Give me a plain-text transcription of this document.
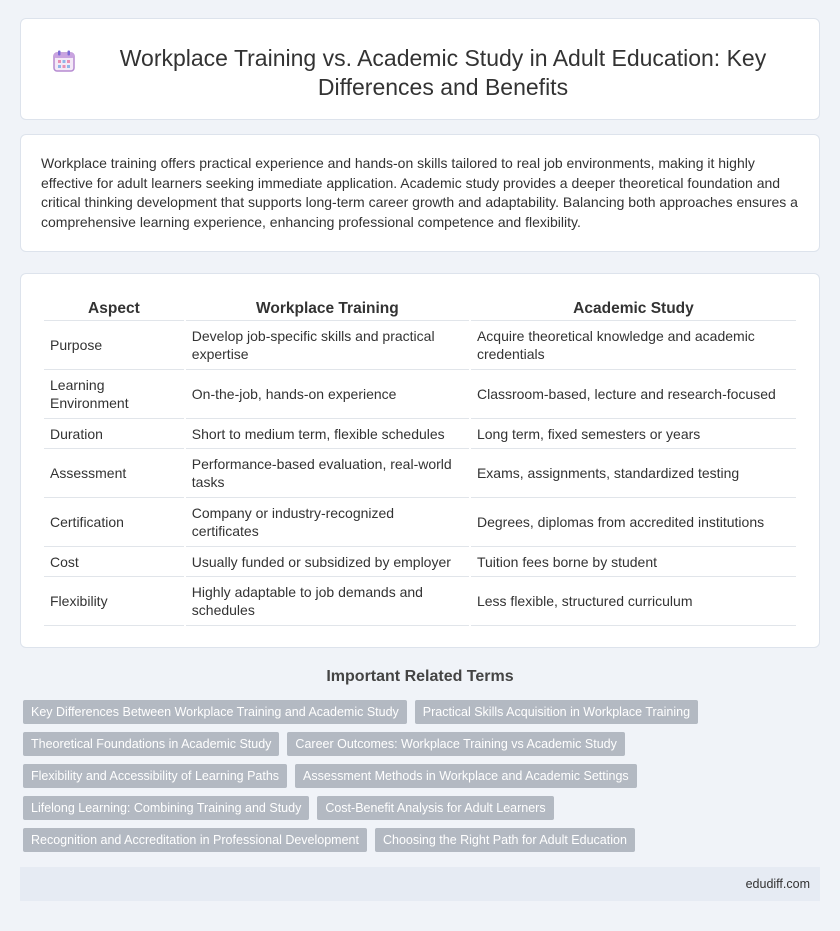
Workplace Training vs. Academic Study in Adult Education: Key Differences and Benefits

Workplace training offers practical experience and hands-on skills tailored to real job environments, making it highly effective for adult learners seeking immediate application. Academic study provides a deeper theoretical foundation and critical thinking development that supports long-term career growth and adaptability. Balancing both approaches ensures a comprehensive learning experience, enhancing professional competence and flexibility.

Aspect	Workplace Training	Academic Study
Purpose	Develop job-specific skills and practical expertise	Acquire theoretical knowledge and academic credentials
Learning Environment	On-the-job, hands-on experience	Classroom-based, lecture and research-focused
Duration	Short to medium term, flexible schedules	Long term, fixed semesters or years
Assessment	Performance-based evaluation, real-world tasks	Exams, assignments, standardized testing
Certification	Company or industry-recognized certificates	Degrees, diplomas from accredited institutions
Cost	Usually funded or subsidized by employer	Tuition fees borne by student
Flexibility	Highly adaptable to job demands and schedules	Less flexible, structured curriculum
Important Related Terms
Key Differences Between Workplace Training and Academic Study	Practical Skills Acquisition in Workplace Training
Theoretical Foundations in Academic Study	Career Outcomes: Workplace Training vs Academic Study
Flexibility and Accessibility of Learning Paths	Assessment Methods in Workplace and Academic Settings
Lifelong Learning: Combining Training and Study	Cost-Benefit Analysis for Adult Learners
Recognition and Accreditation in Professional Development	Choosing the Right Path for Adult Education
edudiff.com
